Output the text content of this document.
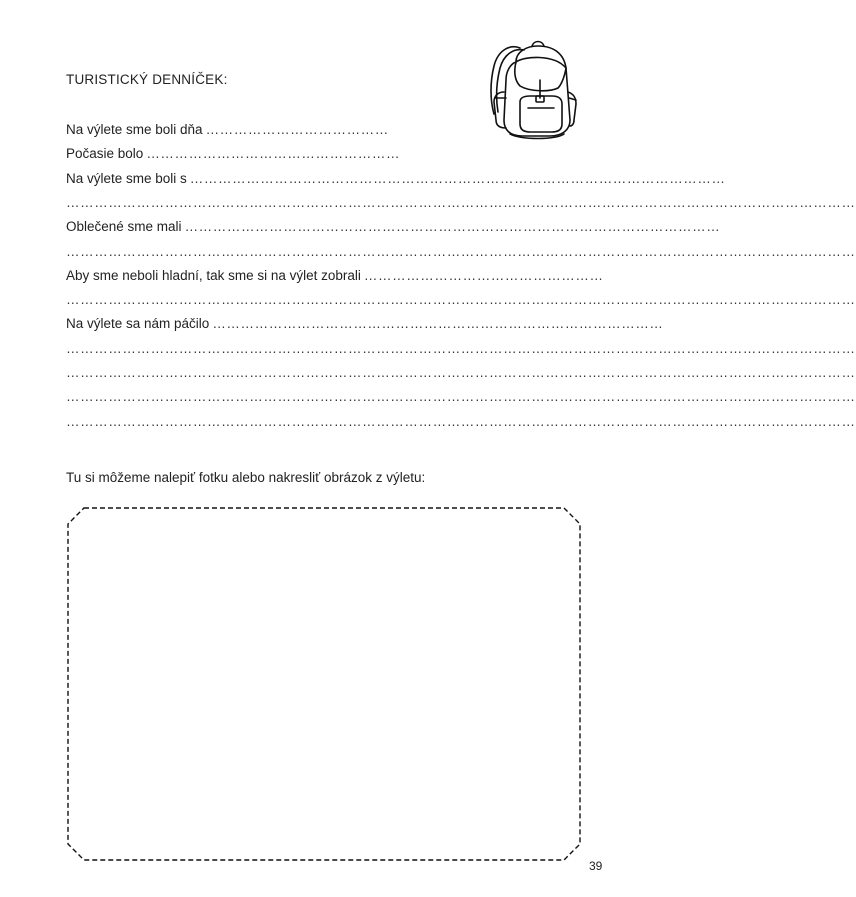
TURISTICKÝ DENNÍČEK:
Na výlete sme boli dňa …………………………………
Počasie bolo ………………………………………………
Na výlete sme boli s ……………………………………………………………………………………………………
……………………………………………………………………………………………………………………………………………………
Oblečené sme mali ……………………………………………………………………………………………………
……………………………………………………………………………………………………………………………………………………
Aby sme neboli hladní, tak sme si na výlet zobrali ……………………………………………
……………………………………………………………………………………………………………………………………………………
Na výlete sa nám páčilo ……………………………………………………………………………………
……………………………………………………………………………………………………………………………………………………
……………………………………………………………………………………………………………………………………………………
……………………………………………………………………………………………………………………………………………………
……………………………………………………………………………………………………………………………………………………
Tu si môžeme nalepiť fotku alebo nakresliť obrázok z výletu:
39
